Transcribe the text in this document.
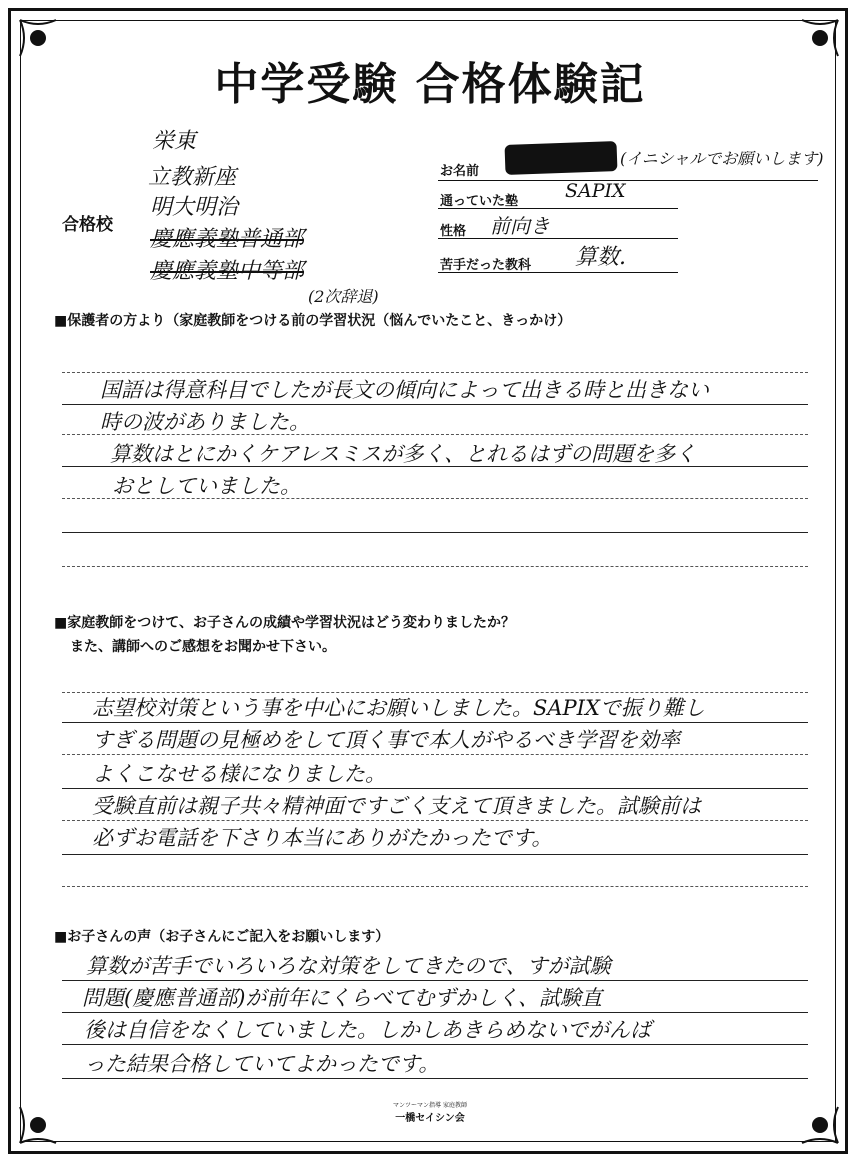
中学受験 合格体験記
合格校
栄東
立教新座
明大明治
慶應義塾普通部
慶應義塾中等部
(2次辞退)
お名前
(イニシャルでお願いします)
通っていた塾 SAPIX
性格 前向き
苦手だった教科 算数.
■保護者の方より（家庭教師をつける前の学習状況（悩んでいたこと、きっかけ）
国語は得意科目でしたが長文の傾向によって出きる時と出きない
時の波がありました。
算数はとにかくケアレスミスが多く、とれるはずの問題を多く
おとしていました。
■家庭教師をつけて、お子さんの成績や学習状況はどう変わりましたか？
また、講師へのご感想をお聞かせ下さい。
志望校対策という事を中心にお願いしました。SAPIXで振り難し
すぎる問題の見極めをして頂く事で本人がやるべき学習を効率
よくこなせる様になりました。
受験直前は親子共々精神面ですごく支えて頂きました。試験前は
必ずお電話を下さり本当にありがたかったです。
■お子さんの声（お子さんにご記入をお願いします）
算数が苦手でいろいろな対策をしてきたので、すが試験
問題(慶應普通部)が前年にくらべてむずかしく、試験直
後は自信をなくしていました。しかしあきらめないでがんば
った結果合格していてよかったです。
マンツーマン指導 家庭教師
一橋セイシン会
